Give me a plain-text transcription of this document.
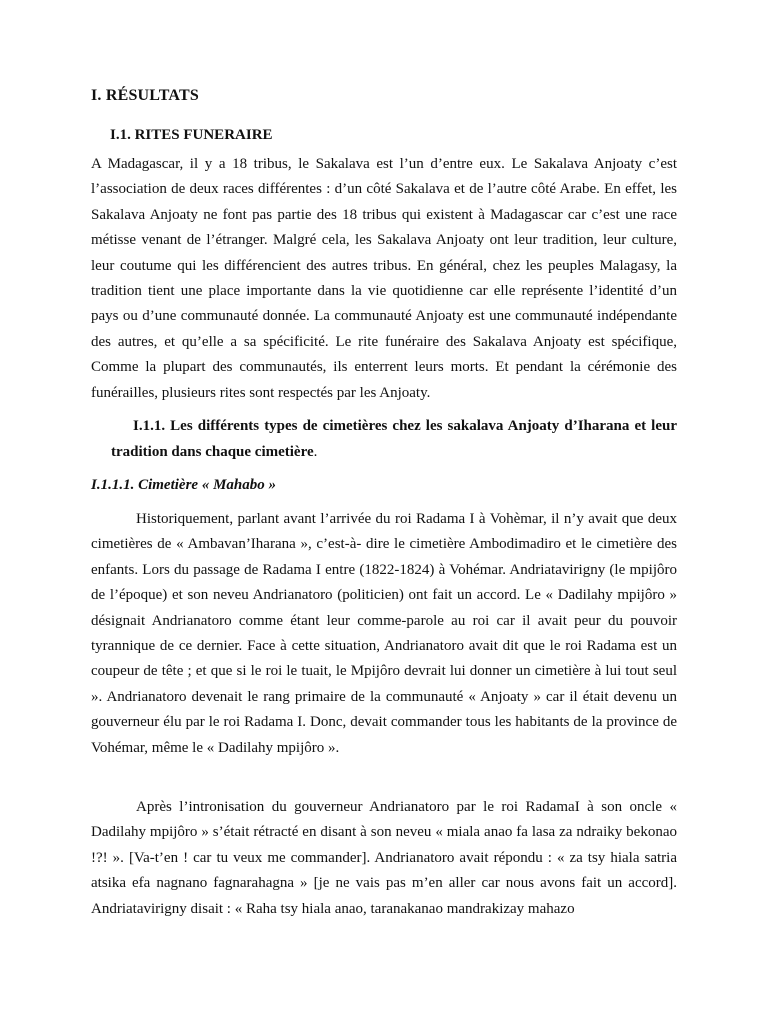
I. RÉSULTATS
I.1. RITES FUNERAIRE
A Madagascar, il y a 18 tribus, le Sakalava est l’un d’entre eux. Le Sakalava Anjoaty c’est l’association de deux races différentes : d’un côté Sakalava et de l’autre côté Arabe. En effet, les Sakalava Anjoaty ne font pas partie des 18 tribus qui existent à Madagascar car c’est une race métisse venant de l’étranger. Malgré cela, les Sakalava Anjoaty ont leur tradition, leur culture, leur coutume qui les différencient des autres tribus. En général, chez les peuples Malagasy, la tradition tient une place importante dans la vie quotidienne car elle représente l’identité d’un pays ou d’une communauté donnée. La communauté Anjoaty est une communauté indépendante des autres, et qu’elle a sa spécificité. Le rite funéraire des Sakalava Anjoaty est spécifique, Comme la plupart des communautés, ils enterrent leurs morts. Et pendant la cérémonie des funérailles, plusieurs rites sont respectés par les Anjoaty.
I.1.1. Les différents types de cimetières chez les sakalava Anjoaty d’Iharana et leur tradition dans chaque cimetière.
I.1.1.1. Cimetière « Mahabo »
Historiquement, parlant avant l’arrivée du roi Radama I à Vohèmar, il n’y avait que deux cimetières de « Ambavan’Iharana », c’est-à- dire le cimetière Ambodimadiro et le cimetière des enfants. Lors du passage de Radama I entre (1822-1824) à Vohémar. Andriatavirigny (le mpijôro de l’époque) et son neveu Andrianatoro (politicien) ont fait un accord. Le « Dadilahy mpijôro » désignait Andrianatoro comme étant leur comme-parole au roi car il avait peur du pouvoir tyrannique de ce dernier. Face à cette situation, Andrianatoro avait dit que le roi Radama est un coupeur de tête ; et que si le roi le tuait, le Mpijôro devrait lui donner un cimetière à lui tout seul ». Andrianatoro devenait le rang primaire de la communauté « Anjoaty » car il était devenu un gouverneur élu par le roi Radama I. Donc, devait commander tous les habitants de la province de Vohémar, même le « Dadilahy mpijôro ».
Après l’intronisation du gouverneur Andrianatoro par le roi RadamaI à son oncle « Dadilahy mpijôro » s’était rétracté en disant à son neveu « miala anao fa lasa za ndraiky bekonao !?! ». [Va-t’en ! car tu veux me commander]. Andrianatoro avait répondu : « za tsy hiala satria atsika efa nagnano fagnarahagna » [je ne vais pas m’en aller car nous avons fait un accord]. Andriatavirigny disait : « Raha tsy hiala anao, taranakanao mandrakizay mahazo
